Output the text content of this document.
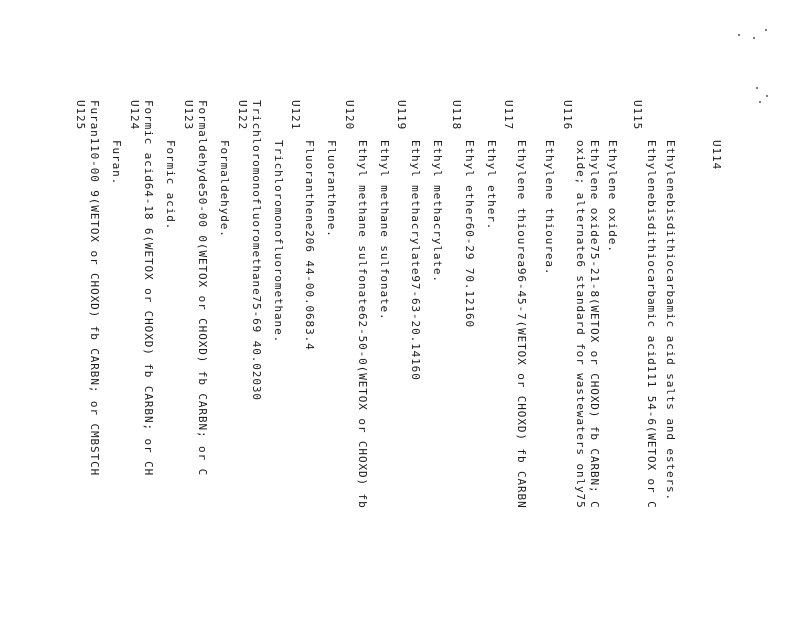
U114
Ethylenebisdithiocarbamic acid salts and esters.
Ethylenebisdithiocarbamic acid111 54-6(WETOX or C
U115
Ethylene oxide.
Ethylene oxide75-21-8(WETOX or CHOXD) fb CARBN; C
oxide; alternate6 standard for wastewaters only75
U116
Ethylene thiourea.
Ethylene thiourea96-45-7(WETOX or CHOXD) fb CARBN
U117
Ethyl ether.
Ethyl ether60-29 70.12160
U118
Ethyl methacrylate.
Ethyl methacrylate97-63-20.14160
U119
Ethyl methane sulfonate.
Ethyl methane sulfonate62-50-0(WETOX or CHOXD) fb
U120
Fluoranthene.
Fluoranthene206 44-00.0683.4
U121
Trichloromonofluoromethane.
Trichloromonofluoromethane75-69 40.02030
U122
Formaldehyde.
Formaldehyde50-00 0(WETOX or CHOXD) fb CARBN; or C
U123
Formic acid.
Formic acid64-18 6(WETOX or CHOXD) fb CARBN; or CH
U124
Furan.
Furan110-00 9(WETOX or CHOXD) fb CARBN; or CMBSTCH
U125
